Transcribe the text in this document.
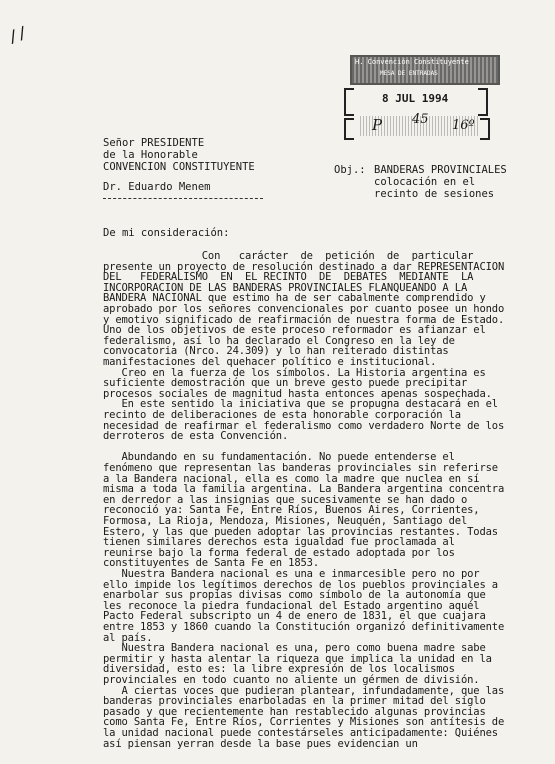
//
H. Convención Constituyente
MESA DE ENTRADAS
8 JUL 1994
P 45 16º
Señor PRESIDENTE
de la Honorable
CONVENCION CONSTITUYENTE
Dr. Eduardo Menem
Obj.: BANDERAS PROVINCIALES
colocación en el
recinto de sesiones
De mi consideración:
Con   carácter  de  petición  de  particular
presente un proyecto de resolución destinado a dar REPRESENTACION
DEL   FEDERALISMO  EN  EL RECINTO  DE  DEBATES  MEDIANTE  LA
INCORPORACION DE LAS BANDERAS PROVINCIALES FLANQUEANDO A LA
BANDERA NACIONAL que estimo ha de ser cabalmente comprendido y
aprobado por los señores convencionales por cuanto posee un hondo
y emotivo significado de reafirmación de nuestra forma de Estado.
Uno de los objetivos de este proceso reformador es afianzar el
federalismo, así lo ha declarado el Congreso en la ley de
convocatoria (Nrco. 24.309) y lo han reiterado distintas
manifestaciones del quehacer político e institucional.
Creo en la fuerza de los símbolos. La Historia argentina es
suficiente demostración que un breve gesto puede precipitar
procesos sociales de magnitud hasta entonces apenas sospechada.
En este sentido la iniciativa que se propugna destacará en el
recinto de deliberaciones de esta honorable corporación la
necesidad de reafirmar el federalismo como verdadero Norte de los
derroteros de esta Convención.
Abundando en su fundamentación. No puede entenderse el
fenómeno que representan las banderas provinciales sin referirse
a la Bandera nacional, ella es como la madre que nuclea en sí
misma a toda la familia argentina. La Bandera argentina concentra
en derredor a las insignias que sucesivamente se han dado o
reconoció ya: Santa Fe, Entre Ríos, Buenos Aires, Corrientes,
Formosa, La Rioja, Mendoza, Misiones, Neuquén, Santiago del
Estero, y las que pueden adoptar las provincias restantes. Todas
tienen similares derechos esta igualdad fue proclamada al
reunirse bajo la forma federal de estado adoptada por los
constituyentes de Santa Fe en 1853.
Nuestra Bandera nacional es una e inmarcesible pero no por
ello impide los legítimos derechos de los pueblos provinciales a
enarbolar sus propias divisas como símbolo de la autonomía que
les reconoce la piedra fundacional del Estado argentino aquél
Pacto Federal subscripto un 4 de enero de 1831, el que cuajara
entre 1853 y 1860 cuando la Constitución organizó definitivamente
al país.
Nuestra Bandera nacional es una, pero como buena madre sabe
permitir y hasta alentar la riqueza que implica la unidad en la
diversidad, esto es: la libre expresión de los localismos
provinciales en todo cuanto no aliente un gérmen de división.
A ciertas voces que pudieran plantear, infundadamente, que las
banderas provinciales enarboladas en la primer mitad del siglo
pasado y que recientemente han restablecido algunas provincias
como Santa Fe, Entre Ríos, Corrientes y Misiones son antítesis de
la unidad nacional puede contestárseles anticipadamente: Quiénes
así piensan yerran desde la base pues evidencian un
